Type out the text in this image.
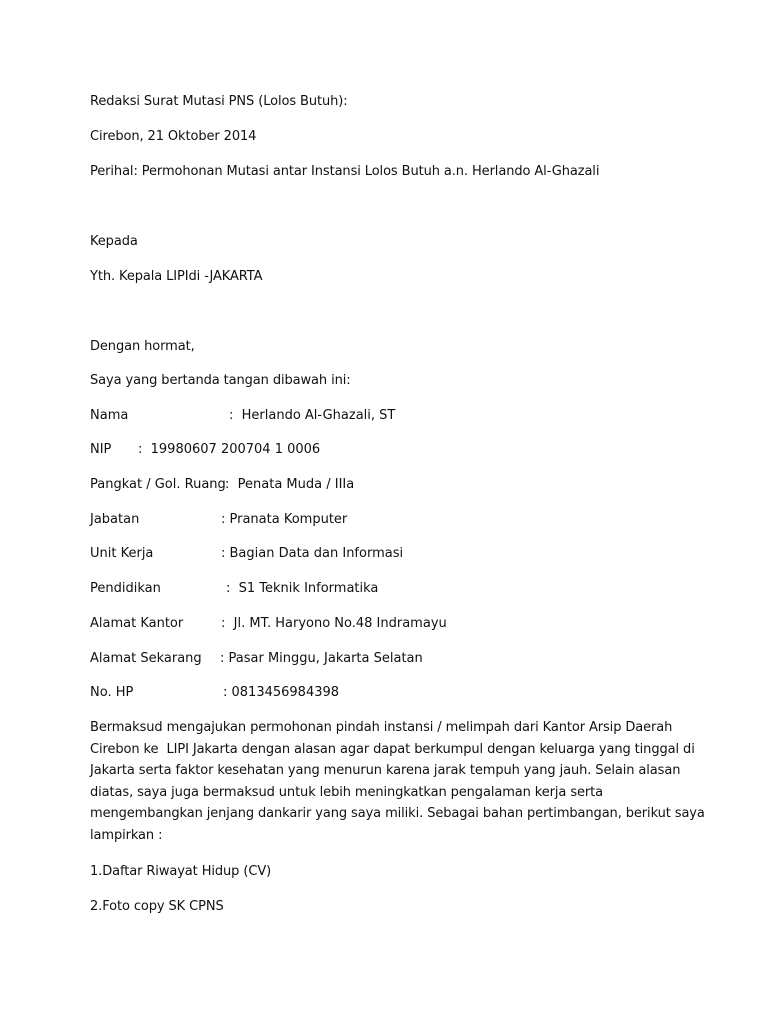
Redaksi Surat Mutasi PNS (Lolos Butuh):
Cirebon, 21 Oktober 2014
Perihal: Permohonan Mutasi antar Instansi Lolos Butuh a.n. Herlando Al-Ghazali
Kepada
Yth. Kepala LIPIdi -JAKARTA
Dengan hormat,
Saya yang bertanda tangan dibawah ini:

Nama

	:  Herlando Al-Ghazali, ST

NIP

:  19980607 200704 1 0006

Pangkat / Gol. Ruang

:  Penata Muda / IIIa

Jabatan

	: Pranata Komputer

Unit Kerja

	: Bagian Data dan Informasi

Pendidikan

	:  S1 Teknik Informatika

Alamat Kantor

	:  Jl. MT. Haryono No.48 Indramayu

Alamat Sekarang

: Pasar Minggu, Jakarta Selatan

No. HP

	: 0813456984398

Bermaksud mengajukan permohonan pindah instansi / melimpah dari Kantor Arsip Daerah
Cirebon ke  LIPI Jakarta dengan alasan agar dapat berkumpul dengan keluarga yang tinggal di
Jakarta serta faktor kesehatan yang menurun karena jarak tempuh yang jauh. Selain alasan
diatas, saya juga bermaksud untuk lebih meningkatkan pengalaman kerja serta
mengembangkan jenjang dankarir yang saya miliki. Sebagai bahan pertimbangan, berikut saya
lampirkan :
1.Daftar Riwayat Hidup (CV)
2.Foto copy SK CPNS
